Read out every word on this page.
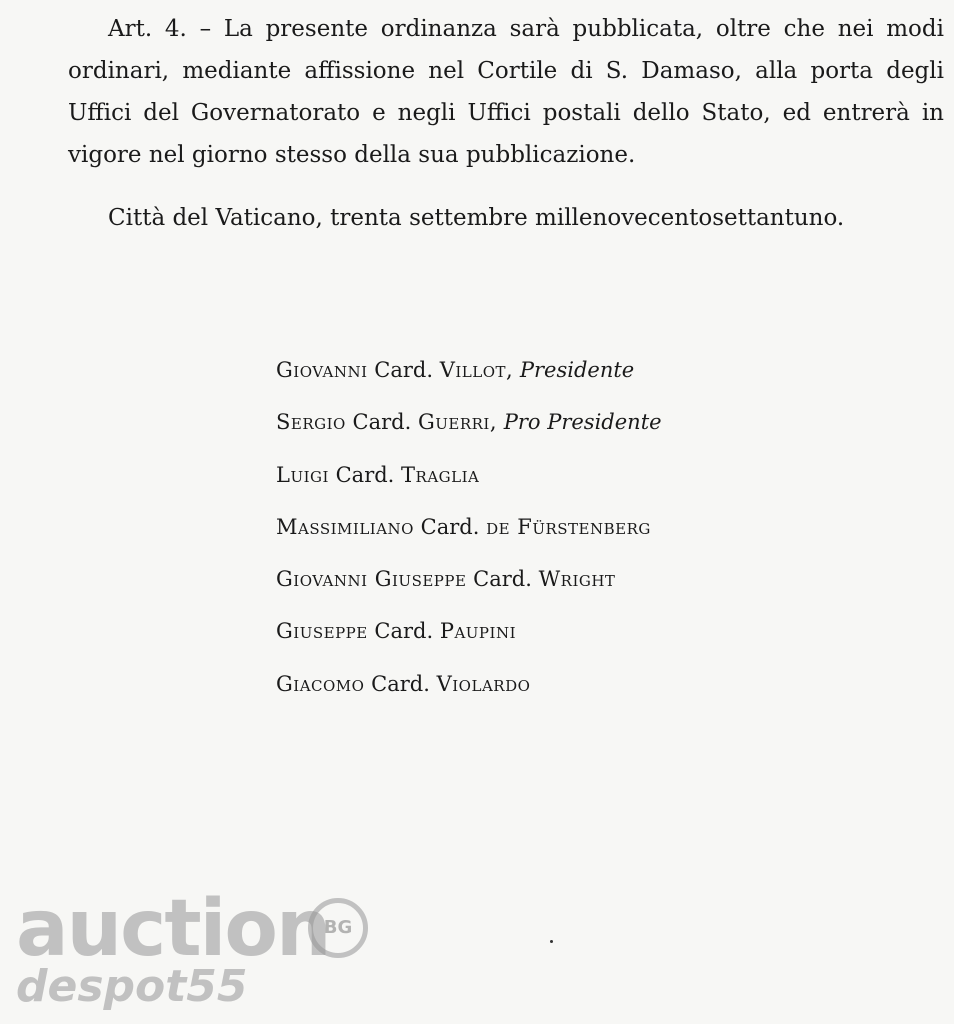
Art. 4. – La presente ordinanza sarà pubblicata, oltre che nei modi
ordinari, mediante affissione nel Cortile di S. Damaso, alla porta degli
Uffici del Governatorato e negli Uffici postali dello Stato, ed entrerà in
vigore nel giorno stesso della sua pubblicazione.

Città del Vaticano, trenta settembre millenovecentosettantuno.
Giovanni Card. Villot, Presidente
Sergio Card. Guerri, Pro Presidente
Luigi Card. Traglia
Massimiliano Card. de Fürstenberg
Giovanni Giuseppe Card. Wright
Giuseppe Card. Paupini
Giacomo Card. Violardo
auction
BG
despot55
